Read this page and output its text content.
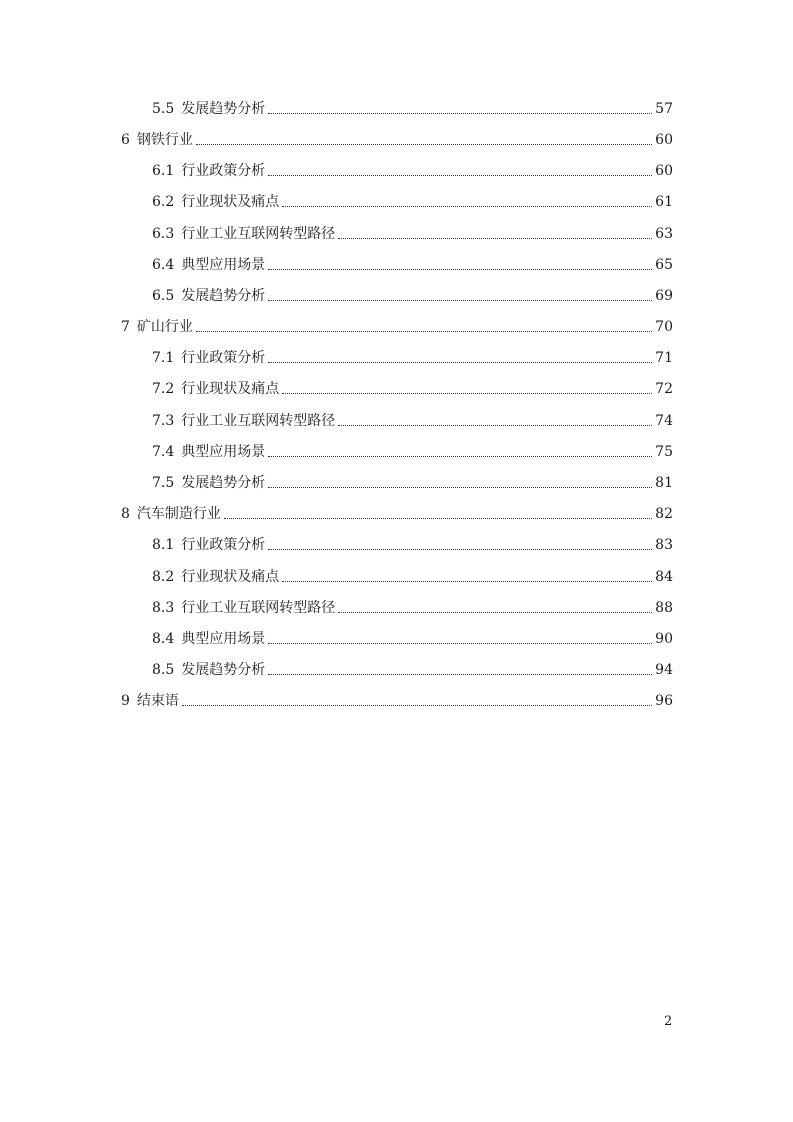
5.5 发展趋势分析	57
6 钢铁行业	60
6.1 行业政策分析	60
6.2 行业现状及痛点	61
6.3 行业工业互联网转型路径	63
6.4 典型应用场景	65
6.5 发展趋势分析	69
7 矿山行业	70
7.1 行业政策分析	71
7.2 行业现状及痛点	72
7.3 行业工业互联网转型路径	74
7.4 典型应用场景	75
7.5 发展趋势分析	81
8 汽车制造行业	82
8.1 行业政策分析	83
8.2 行业现状及痛点	84
8.3 行业工业互联网转型路径	88
8.4 典型应用场景	90
8.5 发展趋势分析	94
9 结束语	96
2
